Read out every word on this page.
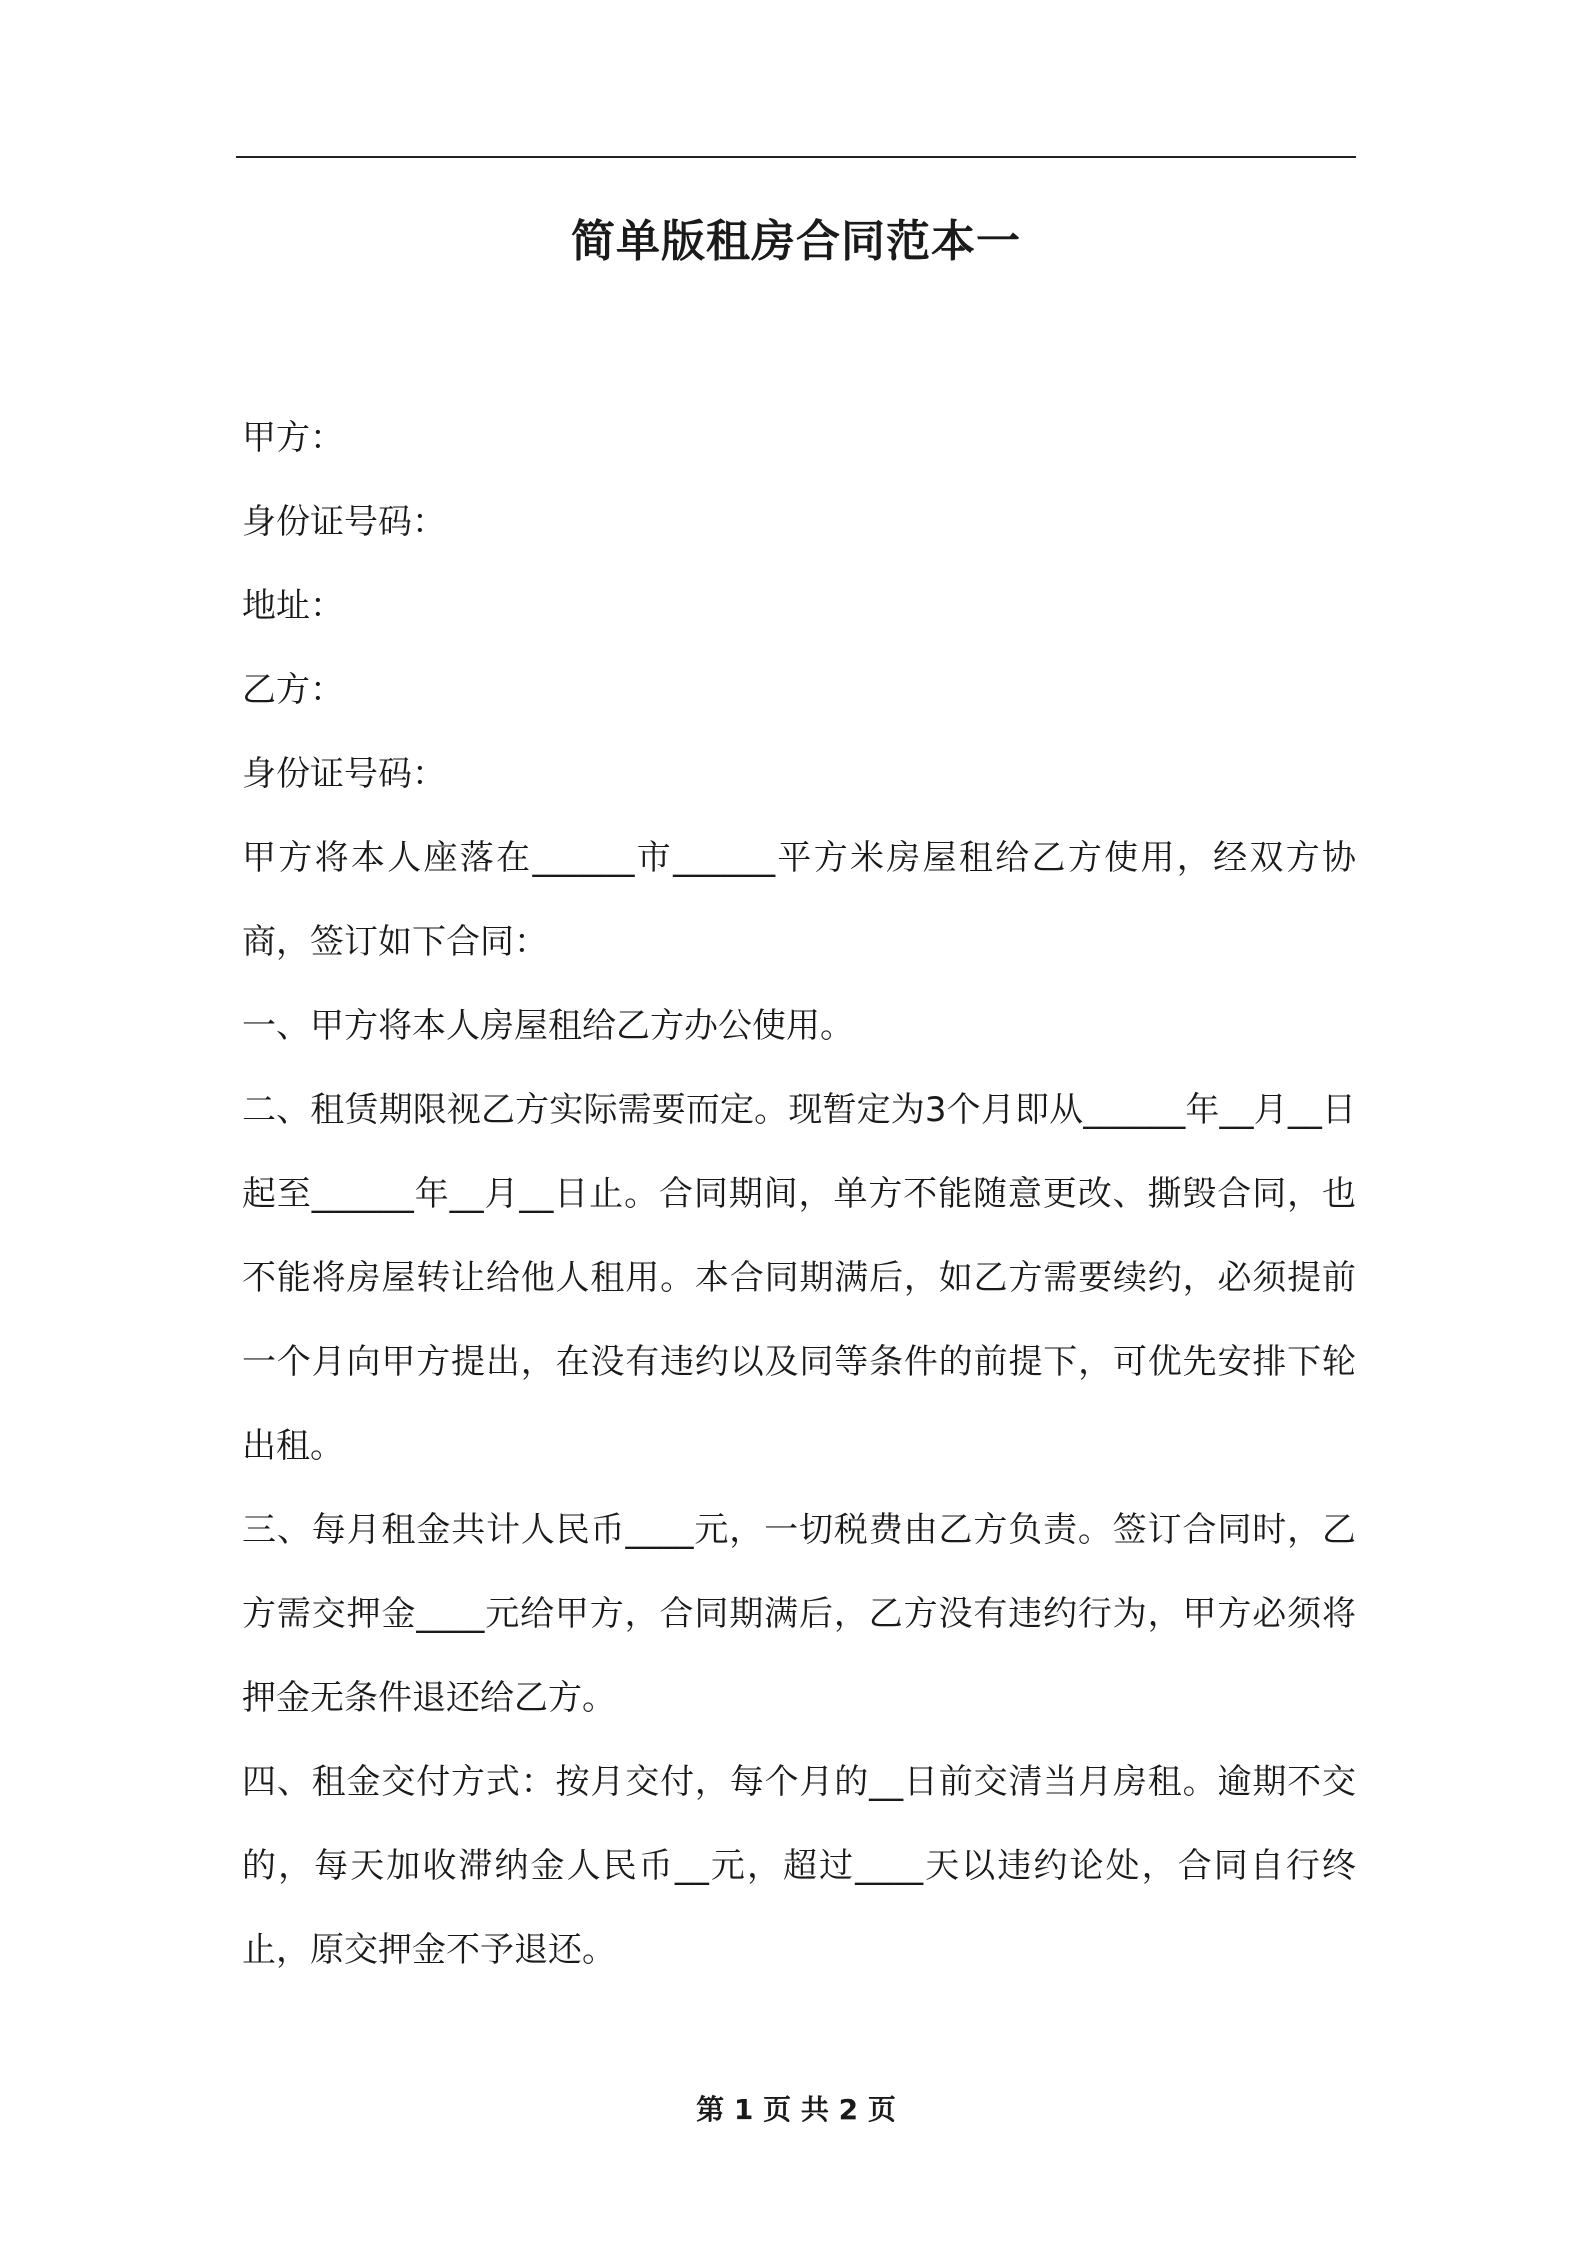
简单版租房合同范本一

甲方：

身份证号码：

地址：

乙方：

身份证号码：

甲方将本人座落在______市______平方米房屋租给乙方使用，经双方协商，签订如下合同：

一、甲方将本人房屋租给乙方办公使用。

二、租赁期限视乙方实际需要而定。现暂定为3个月即从______年__月__日起至______年__月__日止。合同期间，单方不能随意更改、撕毁合同，也不能将房屋转让给他人租用。本合同期满后，如乙方需要续约，必须提前一个月向甲方提出，在没有违约以及同等条件的前提下，可优先安排下轮出租。

三、每月租金共计人民币____元，一切税费由乙方负责。签订合同时，乙方需交押金____元给甲方，合同期满后，乙方没有违约行为，甲方必须将押金无条件退还给乙方。

四、租金交付方式：按月交付，每个月的__日前交清当月房租。逾期不交的，每天加收滞纳金人民币__元，超过____天以违约论处，合同自行终止，原交押金不予退还。

第 1 页 共 2 页
